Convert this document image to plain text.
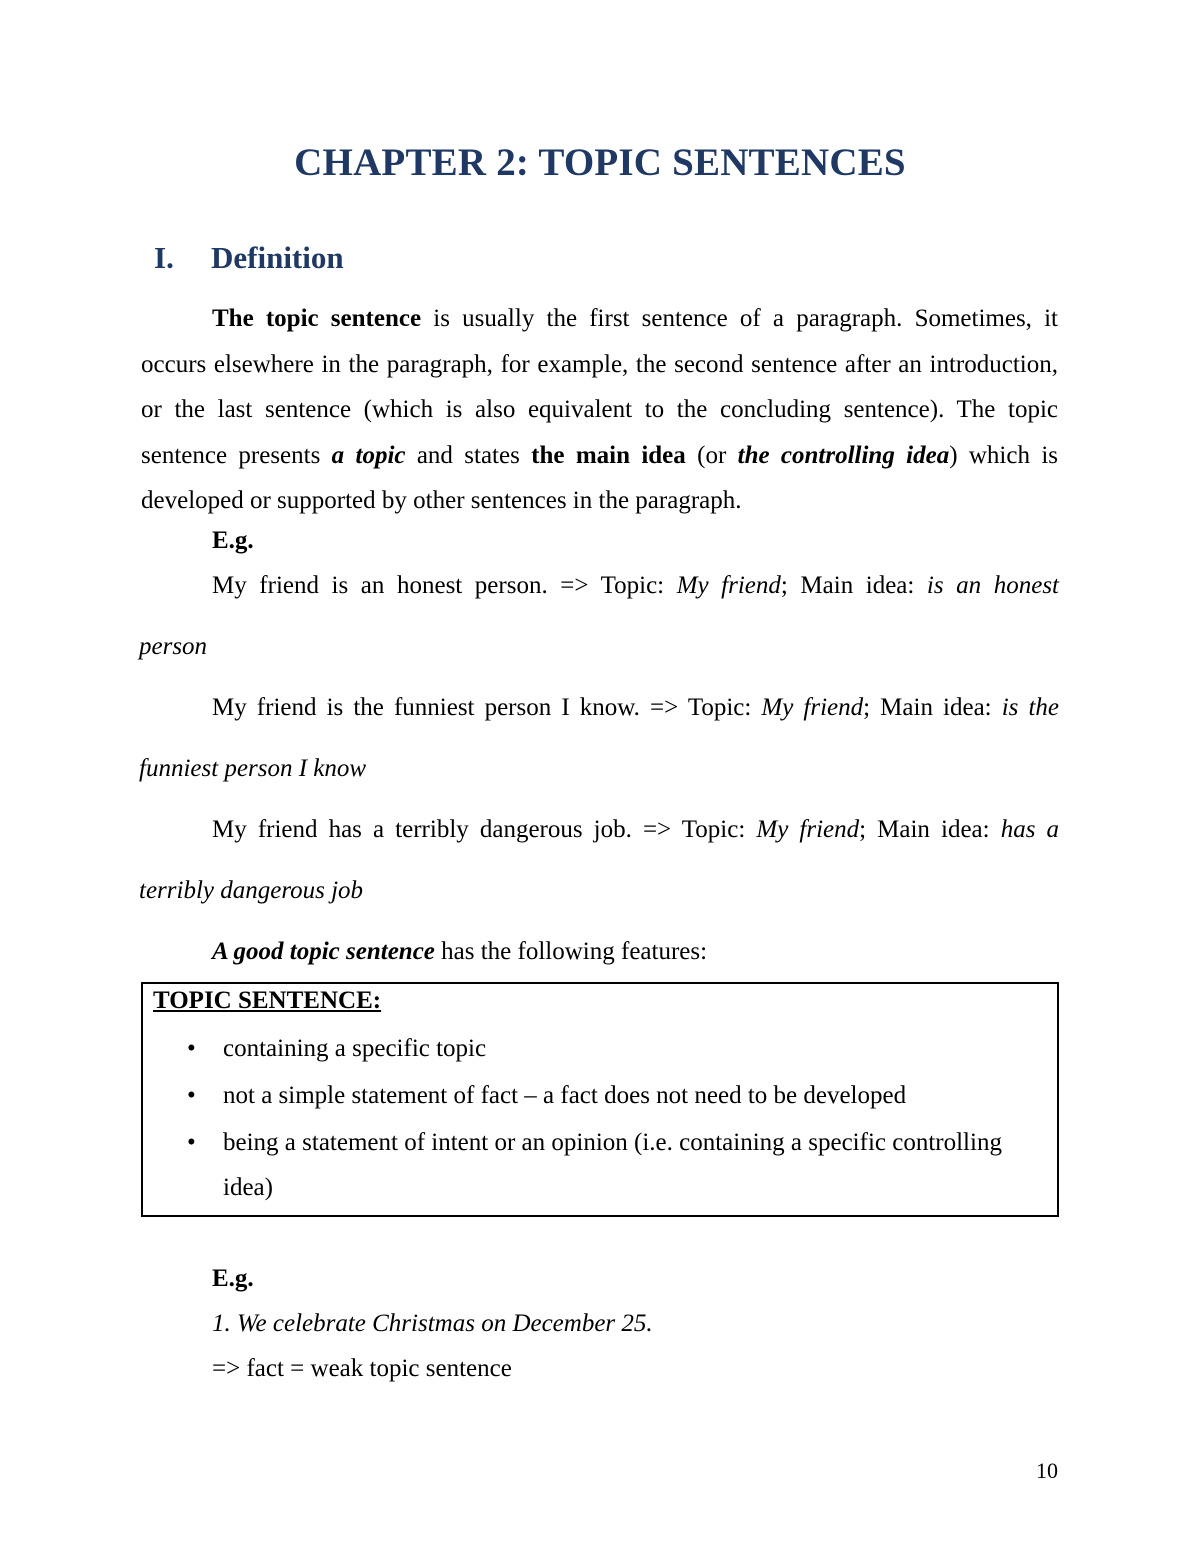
CHAPTER 2: TOPIC SENTENCES
I. Definition

The topic sentence is usually the first sentence of a paragraph. Sometimes, it occurs elsewhere in the paragraph, for example, the second sentence after an introduction, or the last sentence (which is also equivalent to the concluding sentence). The topic sentence presents a topic and states the main idea (or the controlling idea) which is developed or supported by other sentences in the paragraph.

E.g.
My friend is an honest person. => Topic: My friend; Main idea: is an honest
person
My friend is the funniest person I know. => Topic: My friend; Main idea: is the
funniest person I know
My friend has a terribly dangerous job. => Topic: My friend; Main idea: has a
terribly dangerous job
A good topic sentence has the following features:
TOPIC SENTENCE:
•	containing a specific topic
•	not a simple statement of fact – a fact does not need to be developed
•	being a statement of intent or an opinion (i.e. containing a specific controlling idea)
E.g.
1. We celebrate Christmas on December 25.
=> fact = weak topic sentence
10
